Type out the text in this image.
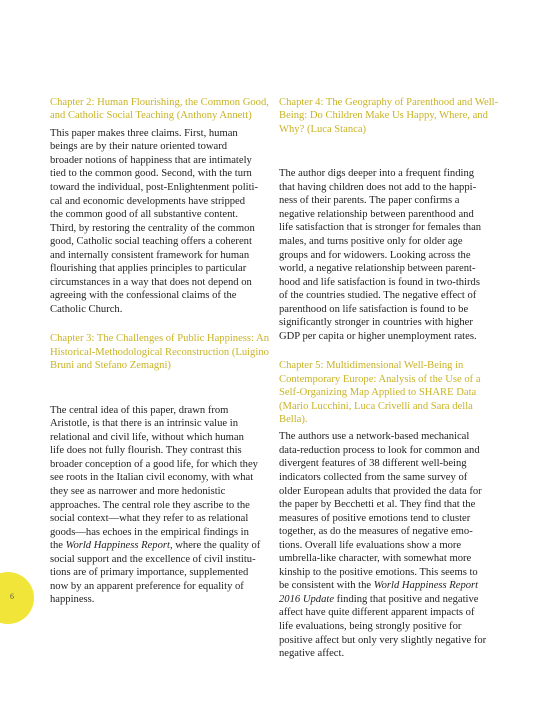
6
Chapter 2: Human Flourishing, the Common Good, and Catholic Social Teaching (Anthony Annett)
This paper makes three claims. First, human
beings are by their nature oriented toward
broader notions of happiness that are intimately
tied to the common good. Second, with the turn
toward the individual, post-Enlightenment politi-
cal and economic developments have stripped
the common good of all substantive content.
Third, by restoring the centrality of the common
good, Catholic social teaching offers a coherent
and internally consistent framework for human
flourishing that applies principles to particular
circumstances in a way that does not depend on
agreeing with the confessional claims of the
Catholic Church.
Chapter 3: The Challenges of Public Happiness: An Historical-Methodological Reconstruction (Luigino Bruni and Stefano Zemagni)
The central idea of this paper, drawn from
Aristotle, is that there is an intrinsic value in
relational and civil life, without which human
life does not fully flourish. They contrast this
broader conception of a good life, for which they
see roots in the Italian civil economy, with what
they see as narrower and more hedonistic
approaches. The central role they ascribe to the
social context—what they refer to as relational
goods—has echoes in the empirical findings in
the World Happiness Report, where the quality of
social support and the excellence of civil institu-
tions are of primary importance, supplemented
now by an apparent preference for equality of
happiness.
Chapter 4: The Geography of Parenthood and Well-Being: Do Children Make Us Happy, Where, and Why? (Luca Stanca)
The author digs deeper into a frequent finding
that having children does not add to the happi-
ness of their parents. The paper confirms a
negative relationship between parenthood and
life satisfaction that is stronger for females than
males, and turns positive only for older age
groups and for widowers. Looking across the
world, a negative relationship between parent-
hood and life satisfaction is found in two-thirds
of the countries studied. The negative effect of
parenthood on life satisfaction is found to be
significantly stronger in countries with higher
GDP per capita or higher unemployment rates.
Chapter 5: Multidimensional Well-Being in Contemporary Europe: Analysis of the Use of a Self-Organizing Map Applied to SHARE Data (Mario Lucchini, Luca Crivelli and Sara della Bella).
The authors use a network-based mechanical
data-reduction process to look for common and
divergent features of 38 different well-being
indicators collected from the same survey of
older European adults that provided the data for
the paper by Becchetti et al. They find that the
measures of positive emotions tend to cluster
together, as do the measures of negative emo-
tions. Overall life evaluations show a more
umbrella-like character, with somewhat more
kinship to the positive emotions. This seems to
be consistent with the World Happiness Report
2016 Update finding that positive and negative
affect have quite different apparent impacts of
life evaluations, being strongly positive for
positive affect but only very slightly negative for
negative affect.
